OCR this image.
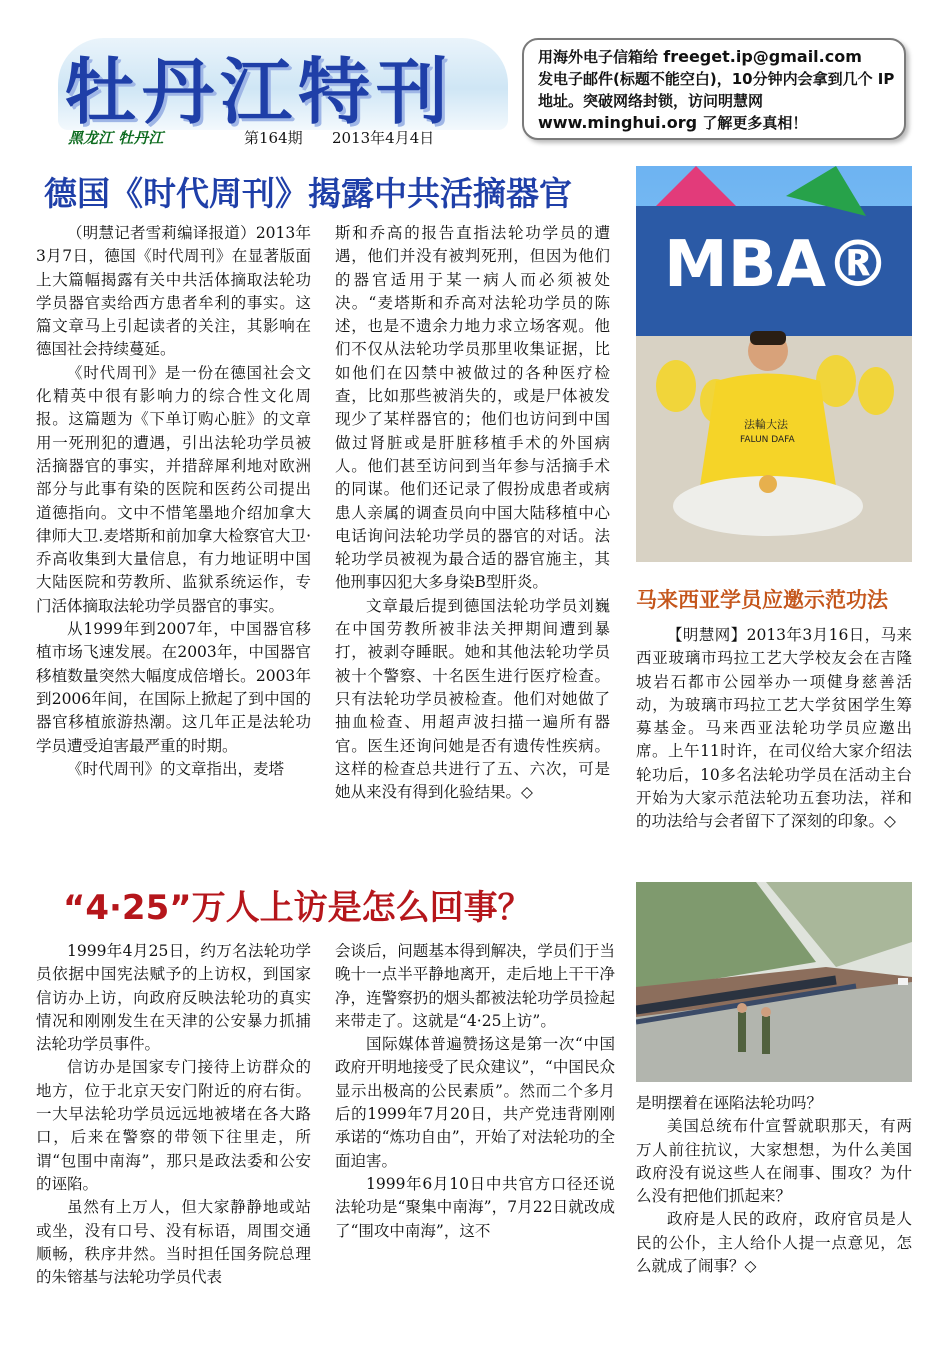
牡丹江特刊
黑龙江 牡丹江	第164期 2013年4月4日
用海外电子信箱给 freeget.ip@gmail.com
发电子邮件(标题不能空白)，10分钟内会拿到几个 IP 地址。突破网络封锁，访问明慧网
www.minghui.org 了解更多真相！
德国《时代周刊》揭露中共活摘器官

（明慧记者雪莉编译报道）2013年3月7日，德国《时代周刊》在显著版面上大篇幅揭露有关中共活体摘取法轮功学员器官卖给西方患者牟利的事实。这篇文章马上引起读者的关注，其影响在德国社会持续蔓延。

《时代周刊》是一份在德国社会文化精英中很有影响力的综合性文化周报。这篇题为《下单订购心脏》的文章用一死刑犯的遭遇，引出法轮功学员被活摘器官的事实，并措辞犀利地对欧洲部分与此事有染的医院和医药公司提出道德指向。文中不惜笔墨地介绍加拿大律师大卫.麦塔斯和前加拿大检察官大卫·乔高收集到大量信息，有力地证明中国大陆医院和劳教所、监狱系统运作，专门活体摘取法轮功学员器官的事实。

从1999年到2007年，中国器官移植市场飞速发展。在2003年，中国器官移植数量突然大幅度成倍增长。2003年到2006年间，在国际上掀起了到中国的器官移植旅游热潮。这几年正是法轮功学员遭受迫害最严重的时期。

《时代周刊》的文章指出，麦塔

斯和乔高的报告直指法轮功学员的遭遇，他们并没有被判死刑，但因为他们的器官适用于某一病人而必须被处决。“麦塔斯和乔高对法轮功学员的陈述，也是不遗余力地力求立场客观。他们不仅从法轮功学员那里收集证据，比如他们在囚禁中被做过的各种医疗检查，比如那些被消失的，或是尸体被发现少了某样器官的；他们也访问到中国做过肾脏或是肝脏移植手术的外国病人。他们甚至访问到当年参与活摘手术的同谋。他们还记录了假扮成患者或病患人亲属的调查员向中国大陆移植中心电话询问法轮功学员的器官的对话。法轮功学员被视为最合适的器官施主，其他刑事囚犯大多身染B型肝炎。

文章最后提到德国法轮功学员刘巍在中国劳教所被非法关押期间遭到暴打，被剥夺睡眠。她和其他法轮功学员被十个警察、十名医生进行医疗检查。只有法轮功学员被检查。他们对她做了抽血检查、用超声波扫描一遍所有器官。医生还询问她是否有遗传性疾病。这样的检查总共进行了五、六次，可是她从来没有得到化验结果。◇

MBA®
法輪大法
FALUN DAFA
马来西亚学员应邀示范功法

【明慧网】2013年3月16日，马来西亚玻璃市玛拉工艺大学校友会在吉隆坡岩石都市公园举办一项健身慈善活动，为玻璃市玛拉工艺大学贫困学生筹募基金。马来西亚法轮功学员应邀出席。上午11时许，在司仪给大家介绍法轮功后，10多名法轮功学员在活动主台开始为大家示范法轮功五套功法，祥和的功法给与会者留下了深刻的印象。◇

“4·25”万人上访是怎么回事？

1999年4月25日，约万名法轮功学员依据中国宪法赋予的上访权，到国家信访办上访，向政府反映法轮功的真实情况和刚刚发生在天津的公安暴力抓捕法轮功学员事件。

信访办是国家专门接待上访群众的地方，位于北京天安门附近的府右街。一大早法轮功学员远远地被堵在各大路口，后来在警察的带领下往里走，所谓“包围中南海”，那只是政法委和公安的诬陷。

虽然有上万人，但大家静静地或站或坐，没有口号、没有标语，周围交通顺畅，秩序井然。当时担任国务院总理的朱镕基与法轮功学员代表

会谈后，问题基本得到解决，学员们于当晚十一点半平静地离开，走后地上干干净净，连警察扔的烟头都被法轮功学员捡起来带走了。这就是“4·25上访”。

国际媒体普遍赞扬这是第一次“中国政府开明地接受了民众建议”，“中国民众显示出极高的公民素质”。然而二个多月后的1999年7月20日，共产党违背刚刚承诺的“炼功自由”，开始了对法轮功的全面迫害。

1999年6月10日中共官方口径还说法轮功是“聚集中南海”，7月22日就改成了“围攻中南海”，这不

是明摆着在诬陷法轮功吗？

美国总统布什宣誓就职那天，有两万人前往抗议，大家想想，为什么美国政府没有说这些人在闹事、围攻？为什么没有把他们抓起来？

政府是人民的政府，政府官员是人民的公仆，主人给仆人提一点意见，怎么就成了闹事？◇
